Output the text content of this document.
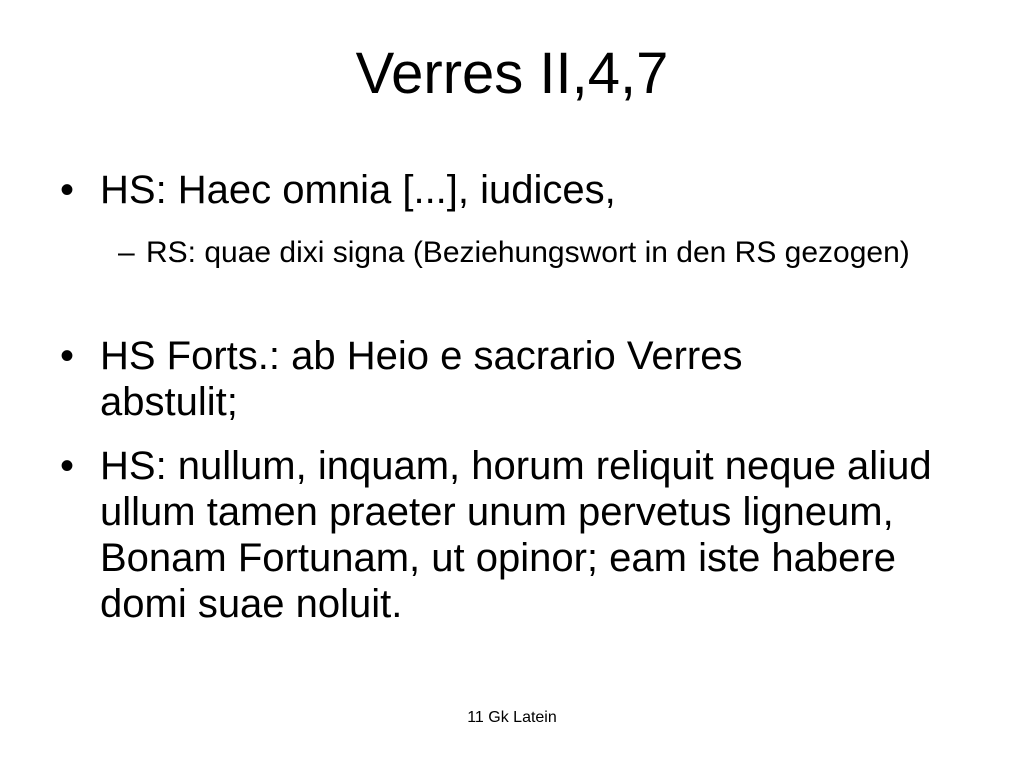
Verres II,4,7
• HS: Haec omnia [...], iudices,
– RS: quae dixi signa (Beziehungswort in den RS gezogen)
• HS Forts.: ab Heio e sacrario Verres abstulit;
• HS: nullum, inquam, horum reliquit neque aliud ullum tamen praeter unum pervetus ligneum, Bonam Fortunam, ut opinor; eam iste habere domi suae noluit.
11 Gk Latein
